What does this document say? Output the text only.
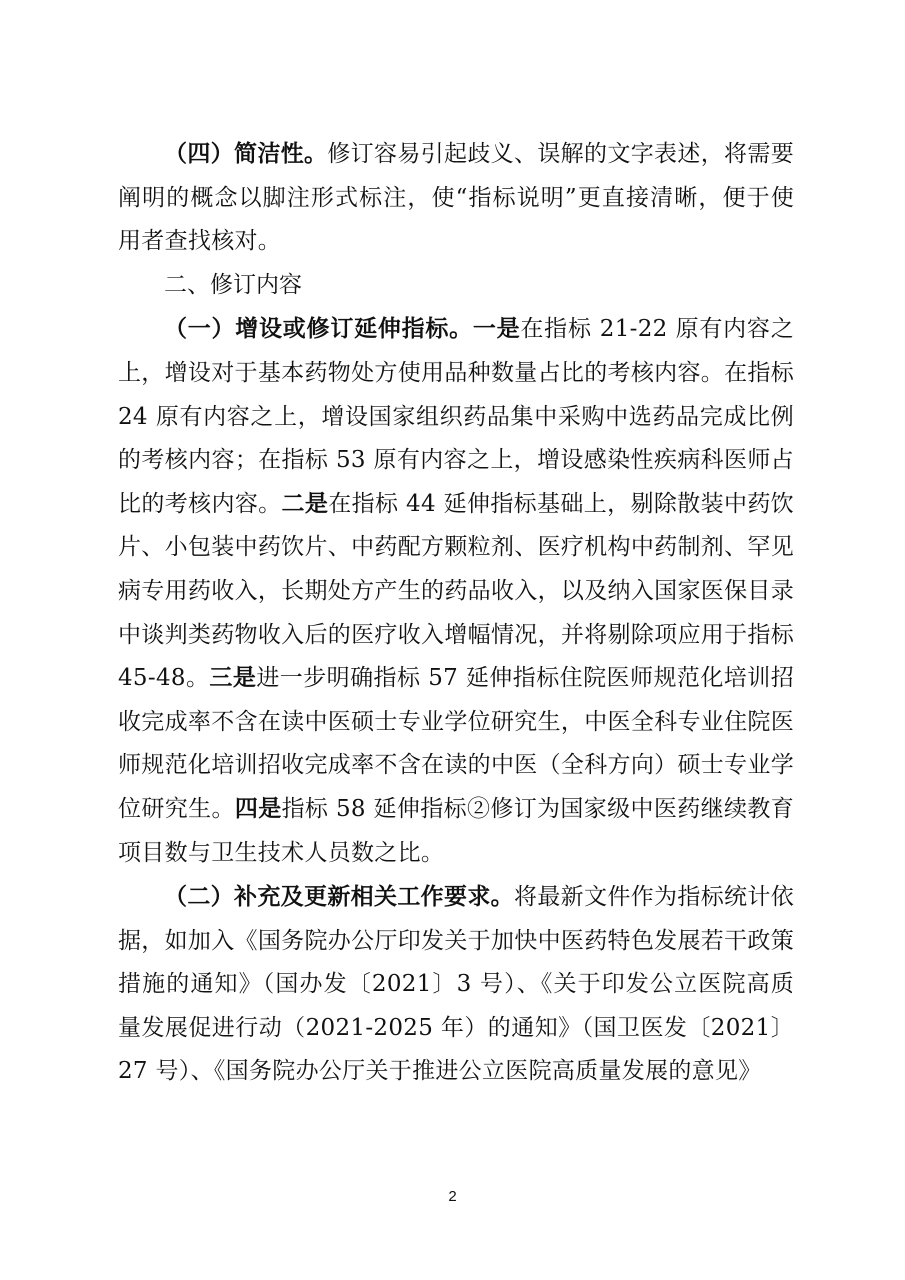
（四）简洁性。修订容易引起歧义、误解的文字表述，将需要阐明的概念以脚注形式标注，使“指标说明”更直接清晰，便于使用者查找核对。

二、修订内容

（一）增设或修订延伸指标。一是在指标 21-22 原有内容之上，增设对于基本药物处方使用品种数量占比的考核内容。在指标 24 原有内容之上，增设国家组织药品集中采购中选药品完成比例的考核内容；在指标 53 原有内容之上，增设感染性疾病科医师占比的考核内容。二是在指标 44 延伸指标基础上，剔除散装中药饮片、小包装中药饮片、中药配方颗粒剂、医疗机构中药制剂、罕见病专用药收入，长期处方产生的药品收入，以及纳入国家医保目录中谈判类药物收入后的医疗收入增幅情况，并将剔除项应用于指标 45-48。三是进一步明确指标 57 延伸指标住院医师规范化培训招收完成率不含在读中医硕士专业学位研究生，中医全科专业住院医师规范化培训招收完成率不含在读的中医（全科方向）硕士专业学位研究生。四是指标 58 延伸指标②修订为国家级中医药继续教育项目数与卫生技术人员数之比。

（二）补充及更新相关工作要求。将最新文件作为指标统计依据，如加入《国务院办公厅印发关于加快中医药特色发展若干政策措施的通知》（国办发〔2021〕3 号）、《关于印发公立医院高质量发展促进行动（2021-2025 年）的通知》（国卫医发〔2021〕27 号）、《国务院办公厅关于推进公立医院高质量发展的意见》

2
